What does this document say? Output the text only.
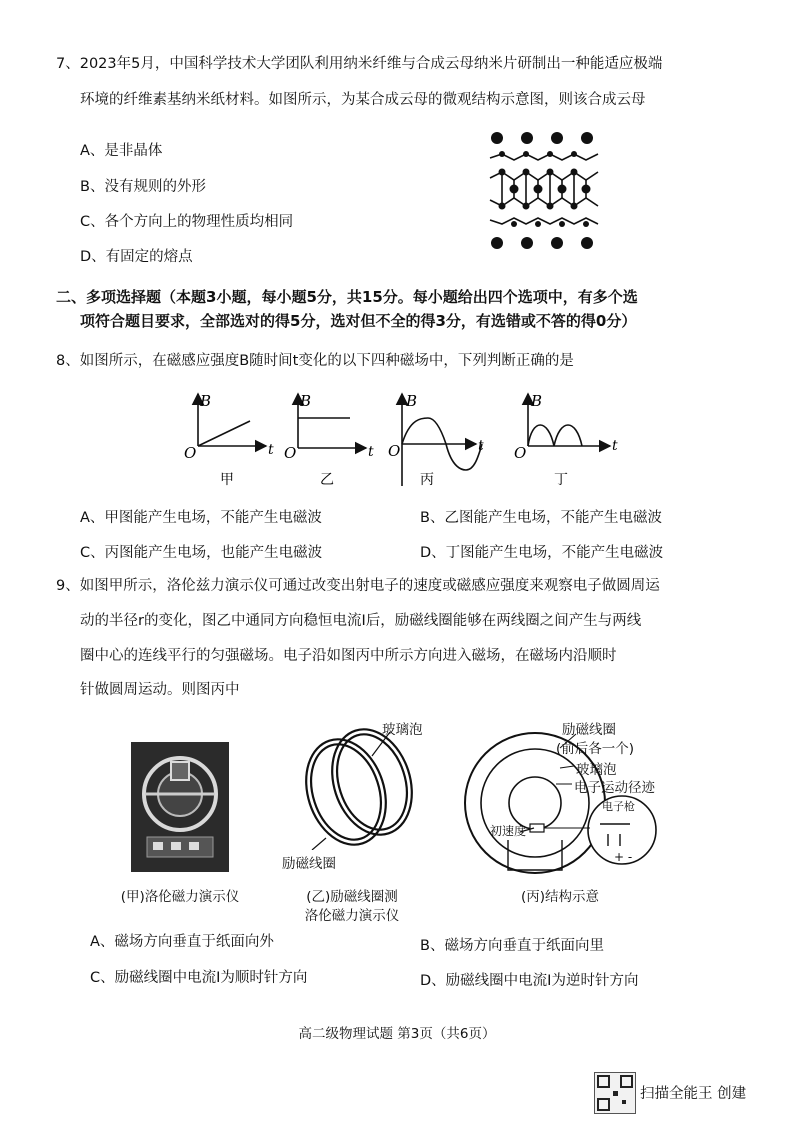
7、2023年5月，中国科学技术大学团队利用纳米纤维与合成云母纳米片研制出一种能适应极端
环境的纤维素基纳米纸材料。如图所示，为某合成云母的微观结构示意图，则该合成云母
A、是非晶体
B、没有规则的外形
C、各个方向上的物理性质均相同
D、有固定的熔点
二、多项选择题（本题3小题，每小题5分，共15分。每小题给出四个选项中，有多个选
项符合题目要求，全部选对的得5分，选对但不全的得3分，有选错或不答的得0分）
8、如图所示，在磁感应强度B随时间t变化的以下四种磁场中，下列判断正确的是
B
O	t
甲
B
O	t
乙
B
O	t
丙
B
O	t
丁
A、甲图能产生电场，不能产生电磁波	B、乙图能产生电场，不能产生电磁波
C、丙图能产生电场，也能产生电磁波	D、丁图能产生电场，不能产生电磁波
9、如图甲所示，洛伦兹力演示仪可通过改变出射电子的速度或磁感应强度来观察电子做圆周运
动的半径r的变化，图乙中通同方向稳恒电流I后，励磁线圈能够在两线圈之间产生与两线
圈中心的连线平行的匀强磁场。电子沿如图丙中所示方向进入磁场，在磁场内沿顺时
针做圆周运动。则图丙中
(甲)洛伦磁力演示仪
玻璃泡
励磁线圈
(乙)励磁线圈测
洛伦磁力演示仪
励磁线圈
(前后各一个)
玻璃泡
电子运动径迹
电子枪
初速度
+ -
(丙)结构示意
A、磁场方向垂直于纸面向外	B、磁场方向垂直于纸面向里
C、励磁线圈中电流I为顺时针方向	D、励磁线圈中电流I为逆时针方向
高二级物理试题 第3页（共6页）
扫描全能王 创建
